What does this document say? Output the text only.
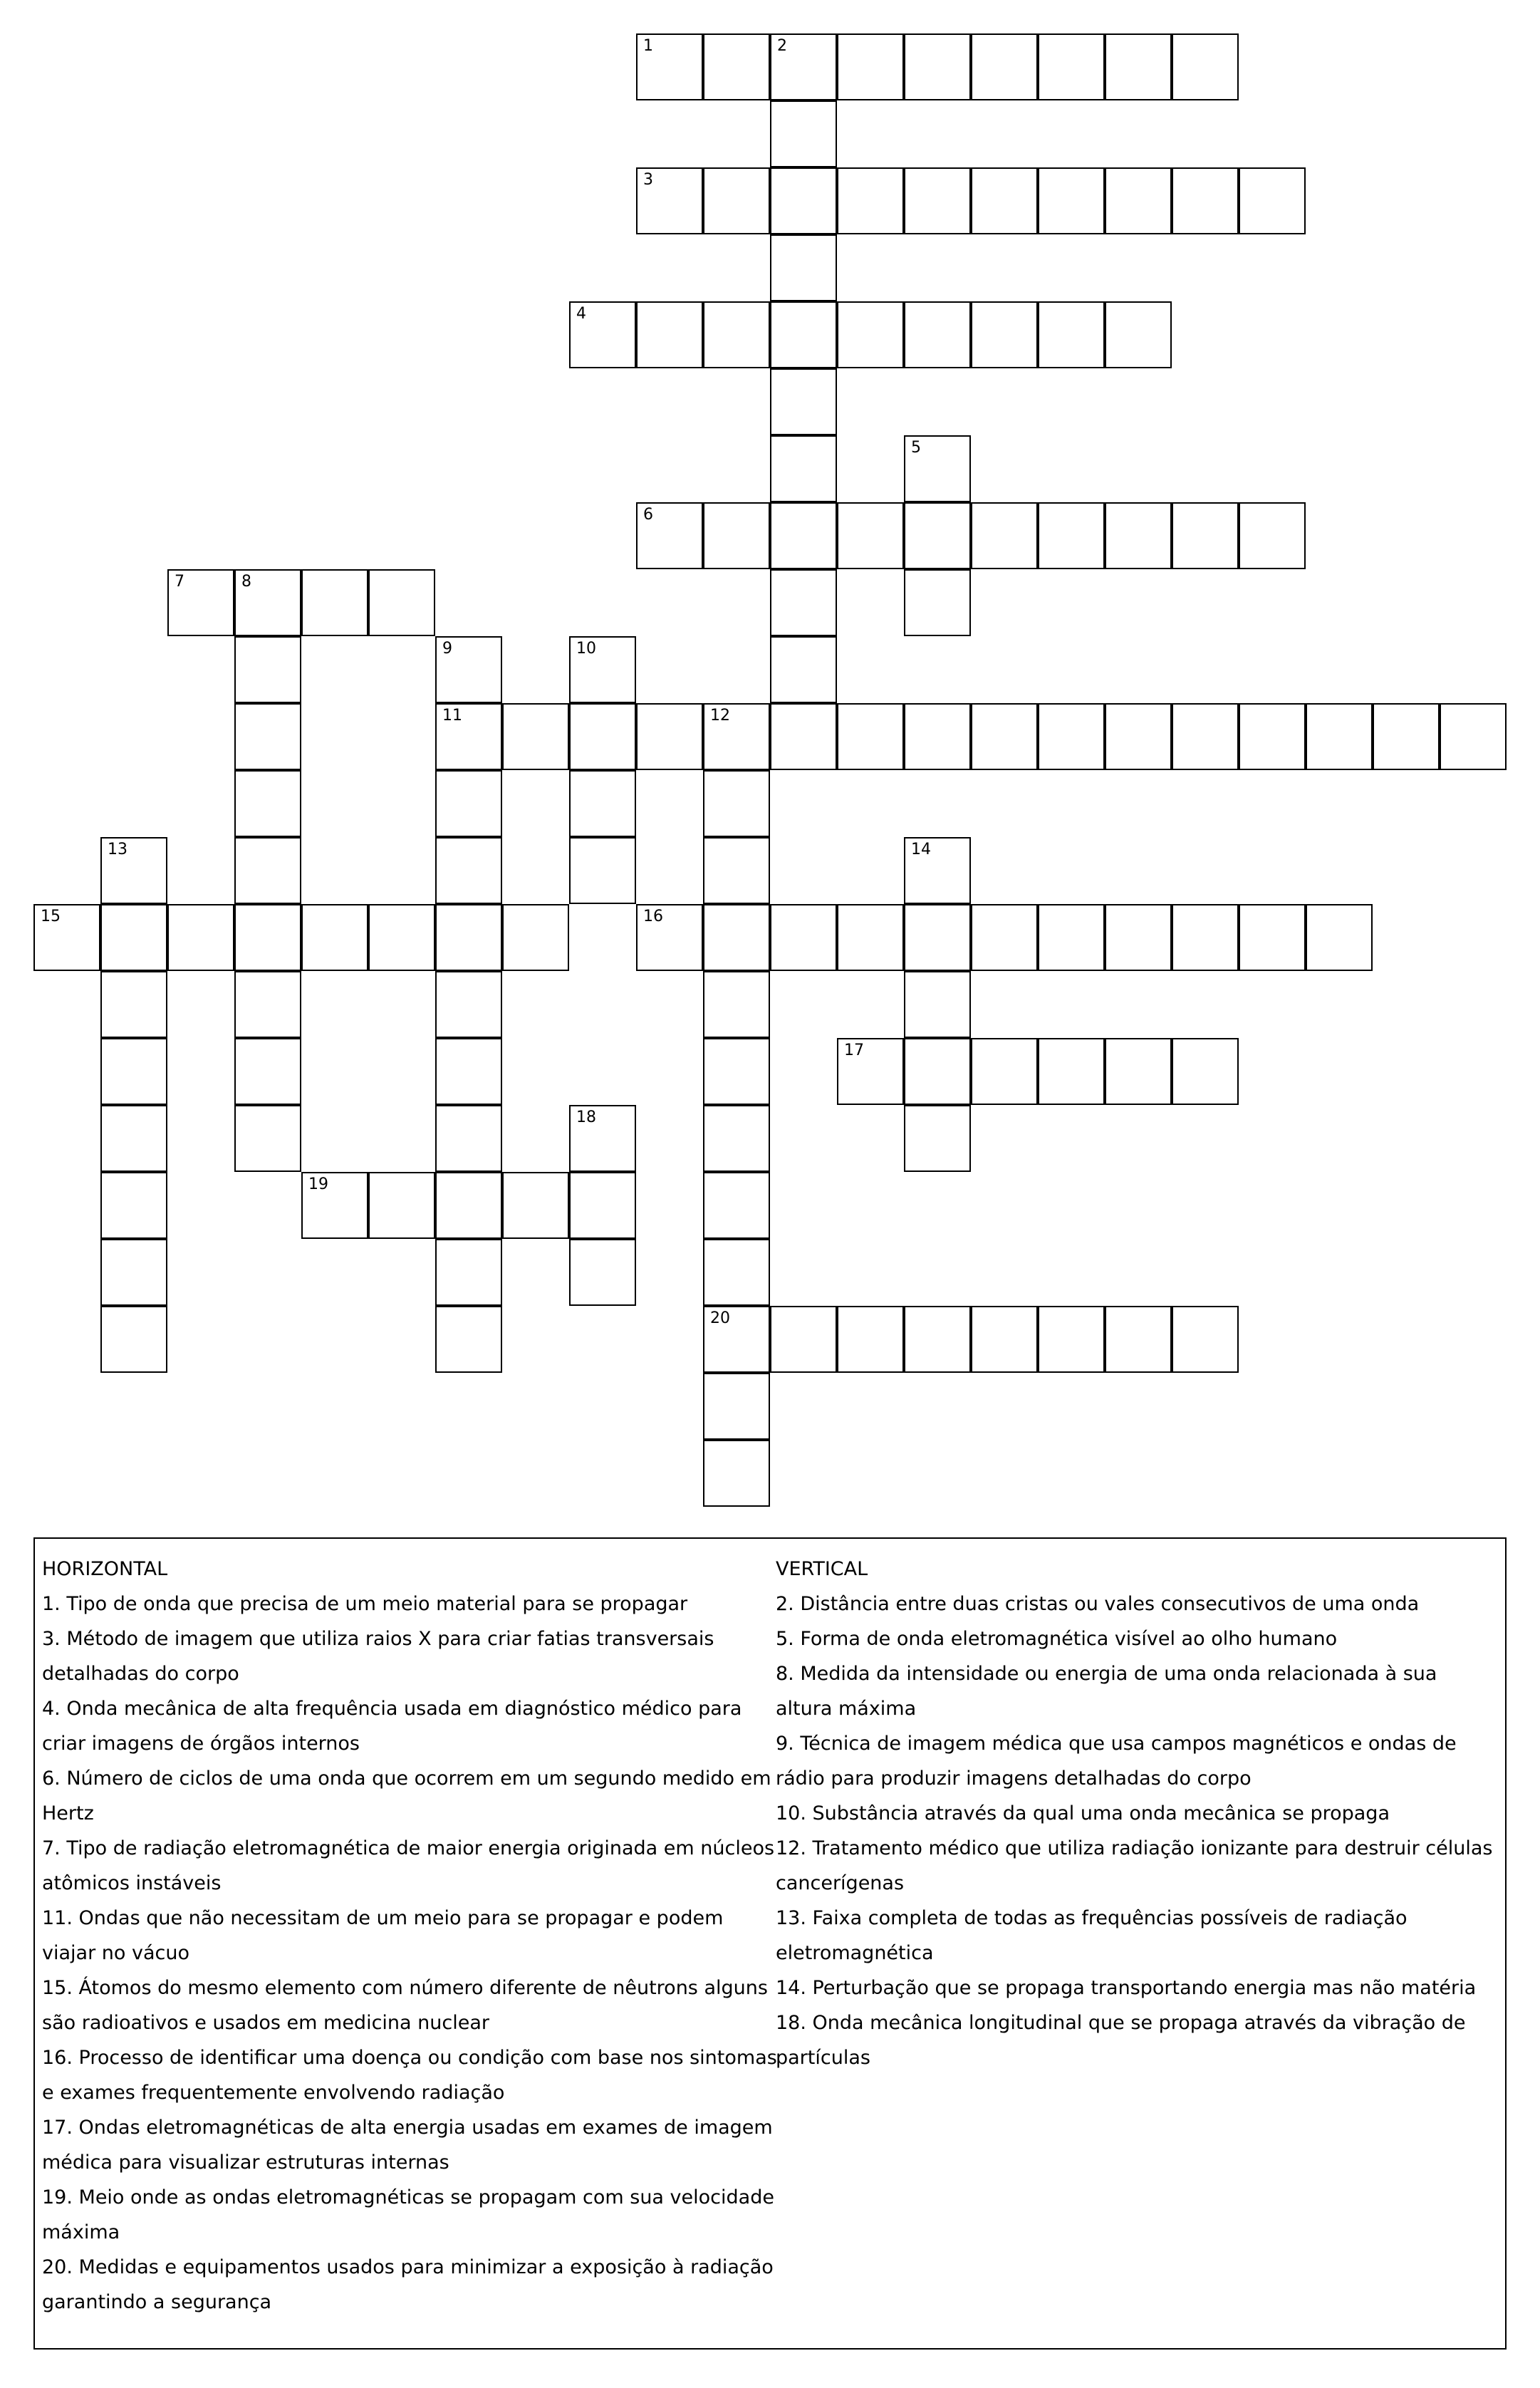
1	2
3
4
5
6
7	8
9
11
10
12
20
13	14
15	16
17
18
19
HORIZONTAL
1. Tipo de onda que precisa de um meio material para se propagar
3. Método de imagem que utiliza raios X para criar fatias transversais detalhadas do corpo
4. Onda mecânica de alta frequência usada em diagnóstico médico para criar imagens de órgãos internos
6. Número de ciclos de uma onda que ocorrem em um segundo medido em Hertz
7. Tipo de radiação eletromagnética de maior energia originada em núcleos atômicos instáveis
11. Ondas que não necessitam de um meio para se propagar e podem viajar no vácuo
15. Átomos do mesmo elemento com número diferente de nêutrons alguns são radioativos e usados em medicina nuclear
16. Processo de identificar uma doença ou condição com base nos sintomas e exames frequentemente envolvendo radiação
17. Ondas eletromagnéticas de alta energia usadas em exames de imagem médica para visualizar estruturas internas
19. Meio onde as ondas eletromagnéticas se propagam com sua velocidade máxima
20. Medidas e equipamentos usados para minimizar a exposição à radiação garantindo a segurança
VERTICAL
2. Distância entre duas cristas ou vales consecutivos de uma onda
5. Forma de onda eletromagnética visível ao olho humano
8. Medida da intensidade ou energia de uma onda relacionada à sua altura máxima
9. Técnica de imagem médica que usa campos magnéticos e ondas de rádio para produzir imagens detalhadas do corpo
10. Substância através da qual uma onda mecânica se propaga
12. Tratamento médico que utiliza radiação ionizante para destruir células cancerígenas
13. Faixa completa de todas as frequências possíveis de radiação eletromagnética
14. Perturbação que se propaga transportando energia mas não matéria
18. Onda mecânica longitudinal que se propaga através da vibração de partículas
